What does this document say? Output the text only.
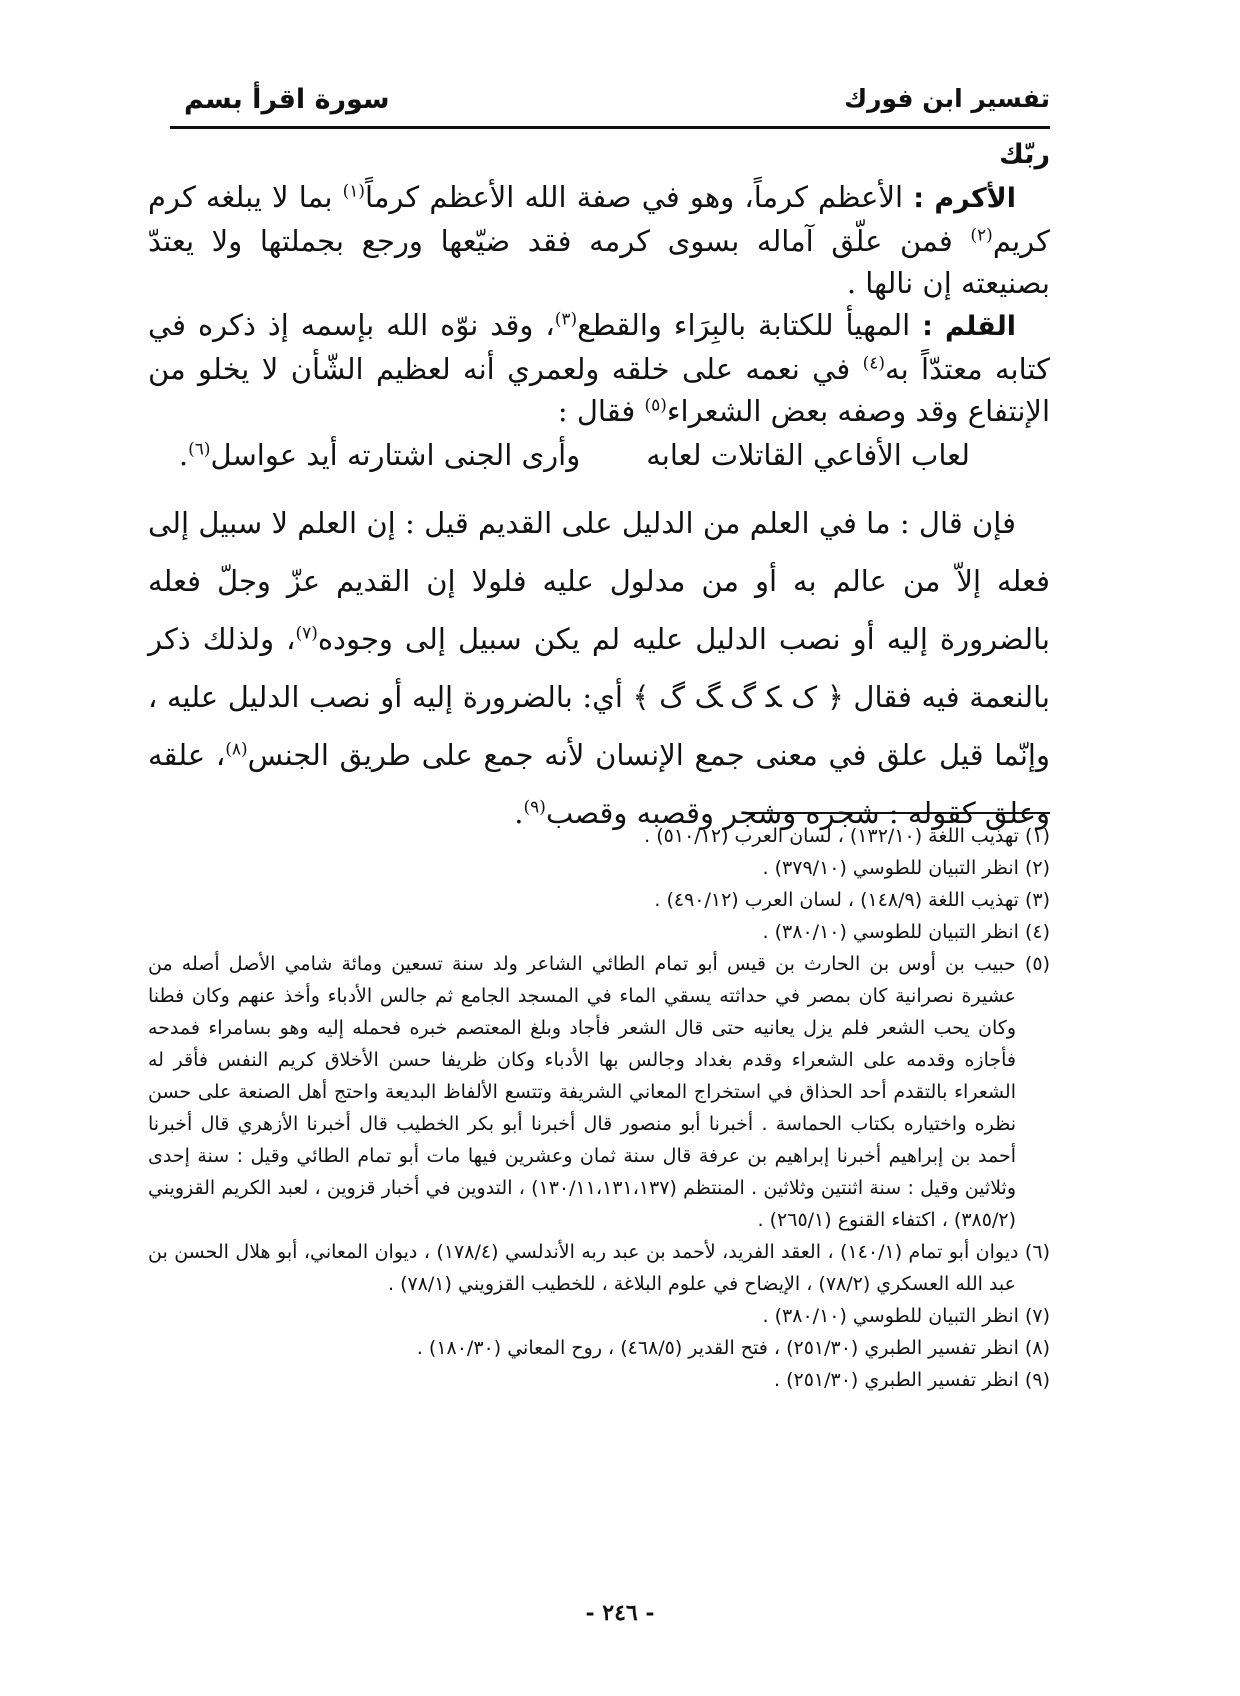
تفسير ابن فورك
سورة اقرأ بسم

ربّك

الأكرم : الأعظم كرماً، وهو في صفة الله الأعظم كرماً$^{(١)}$ بما لا يبلغه كرم كريم$^{(٢)}$ فمن علّق آماله بسوى كرمه فقد ضيّعها ورجع بجملتها ولا يعتدّ بصنيعته إن نالها .

القلم : المهيأ للكتابة بالبِرَاء والقطع$^{(٣)}$، وقد نوّه الله بإسمه إذ ذكره في كتابه معتدّاً به$^{(٤)}$ في نعمه على خلقه ولعمري أنه لعظيم الشّأن لا يخلو من الإنتفاع وقد وصفه بعض الشعراء$^{(٥)}$ فقال :

لعاب الأفاعي القاتلات لعابه
وأرى الجنى اشتارته أيد عواسل$^{(٦)}$.

فإن قال : ما في العلم من الدليل على القديم قيل : إن العلم لا سبيل إلى فعله إلاّ من عالم به أو من مدلول عليه فلولا إن القديم عزّ وجلّ فعله بالضرورة إليه أو نصب الدليل عليه لم يكن سبيل إلى وجوده$^{(٧)}$، ولذلك ذكر بالنعمة فيه فقال ﴿ ک ﮑ ﮒ ﮓ گ ﴾ أي: بالضرورة إليه أو نصب الدليل عليه ، وإنّما قيل علق في معنى جمع الإنسان لأنه جمع على طريق الجنس$^{(٨)}$، علقه وعلق كقوله : شجره وشجر وقصبه وقصب$^{(٩)}$.

(١) تهذيب اللغة (١٣٢/١٠) ، لسان العرب (٥١٠/١٢) .

(٢) انظر التبيان للطوسي (٣٧٩/١٠) .

(٣) تهذيب اللغة (١٤٨/٩) ، لسان العرب (٤٩٠/١٢) .

(٤) انظر التبيان للطوسي (٣٨٠/١٠) .

(٥) حبيب بن أوس بن الحارث بن قيس أبو تمام الطائي الشاعر ولد سنة تسعين ومائة شامي الأصل أصله من عشيرة نصرانية كان بمصر في حداثته يسقي الماء في المسجد الجامع ثم جالس الأدباء وأخذ عنهم وكان فطنا وكان يحب الشعر فلم يزل يعانيه حتى قال الشعر فأجاد وبلغ المعتصم خبره فحمله إليه وهو بسامراء فمدحه فأجازه وقدمه على الشعراء وقدم بغداد وجالس بها الأدباء وكان ظريفا حسن الأخلاق كريم النفس فأقر له الشعراء بالتقدم أحد الحذاق في استخراج المعاني الشريفة وتتسع الألفاظ البديعة واحتج أهل الصنعة على حسن نظره واختياره بكتاب الحماسة . أخبرنا أبو منصور قال أخبرنا أبو بكر الخطيب قال أخبرنا الأزهري قال أخبرنا أحمد بن إبراهيم أخبرنا إبراهيم بن عرفة قال سنة ثمان وعشرين فيها مات أبو تمام الطائي وقيل : سنة إحدى وثلاثين وقيل : سنة اثنتين وثلاثين . المنتظم (١٣٠/١١،١٣١،١٣٧) ، التدوين في أخبار قزوين ، لعبد الكريم القزويني (٣٨٥/٢) ، اكتفاء القنوع (٢٦٥/١) .

(٦) ديوان أبو تمام (١٤٠/١) ، العقد الفريد، لأحمد بن عبد ربه الأندلسي (١٧٨/٤) ، ديوان المعاني، أبو هلال الحسن بن عبد الله العسكري (٧٨/٢) ، الإيضاح في علوم البلاغة ، للخطيب القزويني (٧٨/١) .

(٧) انظر التبيان للطوسي (٣٨٠/١٠) .

(٨) انظر تفسير الطبري (٢٥١/٣٠) ، فتح القدير (٤٦٨/٥) ، روح المعاني (١٨٠/٣٠) .

(٩) انظر تفسير الطبري (٢٥١/٣٠) .

- ٢٤٦ -
